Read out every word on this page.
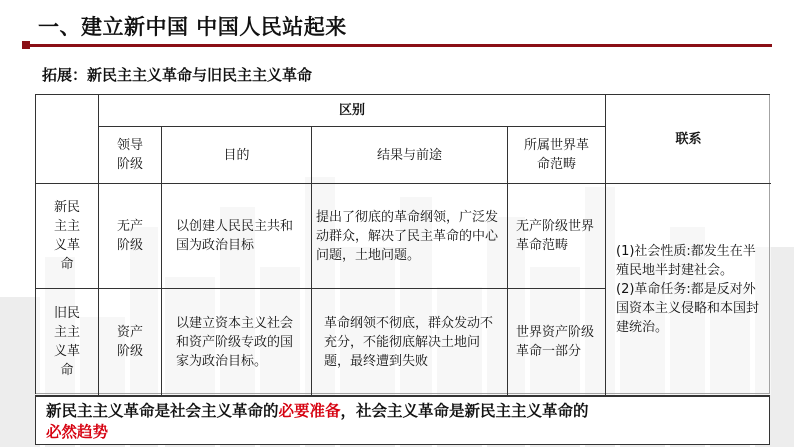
一、建立新中国 中国人民站起来
拓展：新民主主义革命与旧民主主义革命
区别
联系
领导
阶级
目的	结果与前途
所属世界革
命范畴
新民
主主
义革
命
无产
阶级
以创建人民民主共和国为政治目标
提出了彻底的革命纲领，广泛发动群众，解决了民主革命的中心问题，土地问题。
无产阶级世界革命范畴	(1)社会性质:都发生在半殖民地半封建社会。
(2)革命任务:都是反对外国资本主义侵略和本国封建统治。
旧民
主主
义革
命
资产
阶级
以建立资本主义社会和资产阶级专政的国家为政治目标。
革命纲领不彻底，群众发动不充分，不能彻底解决土地问题，最终遭到失败
世界资产阶级革命一部分
新民主主义革命是社会主义革命的必要准备，社会主义革命是新民主主义革命的
必然趋势
